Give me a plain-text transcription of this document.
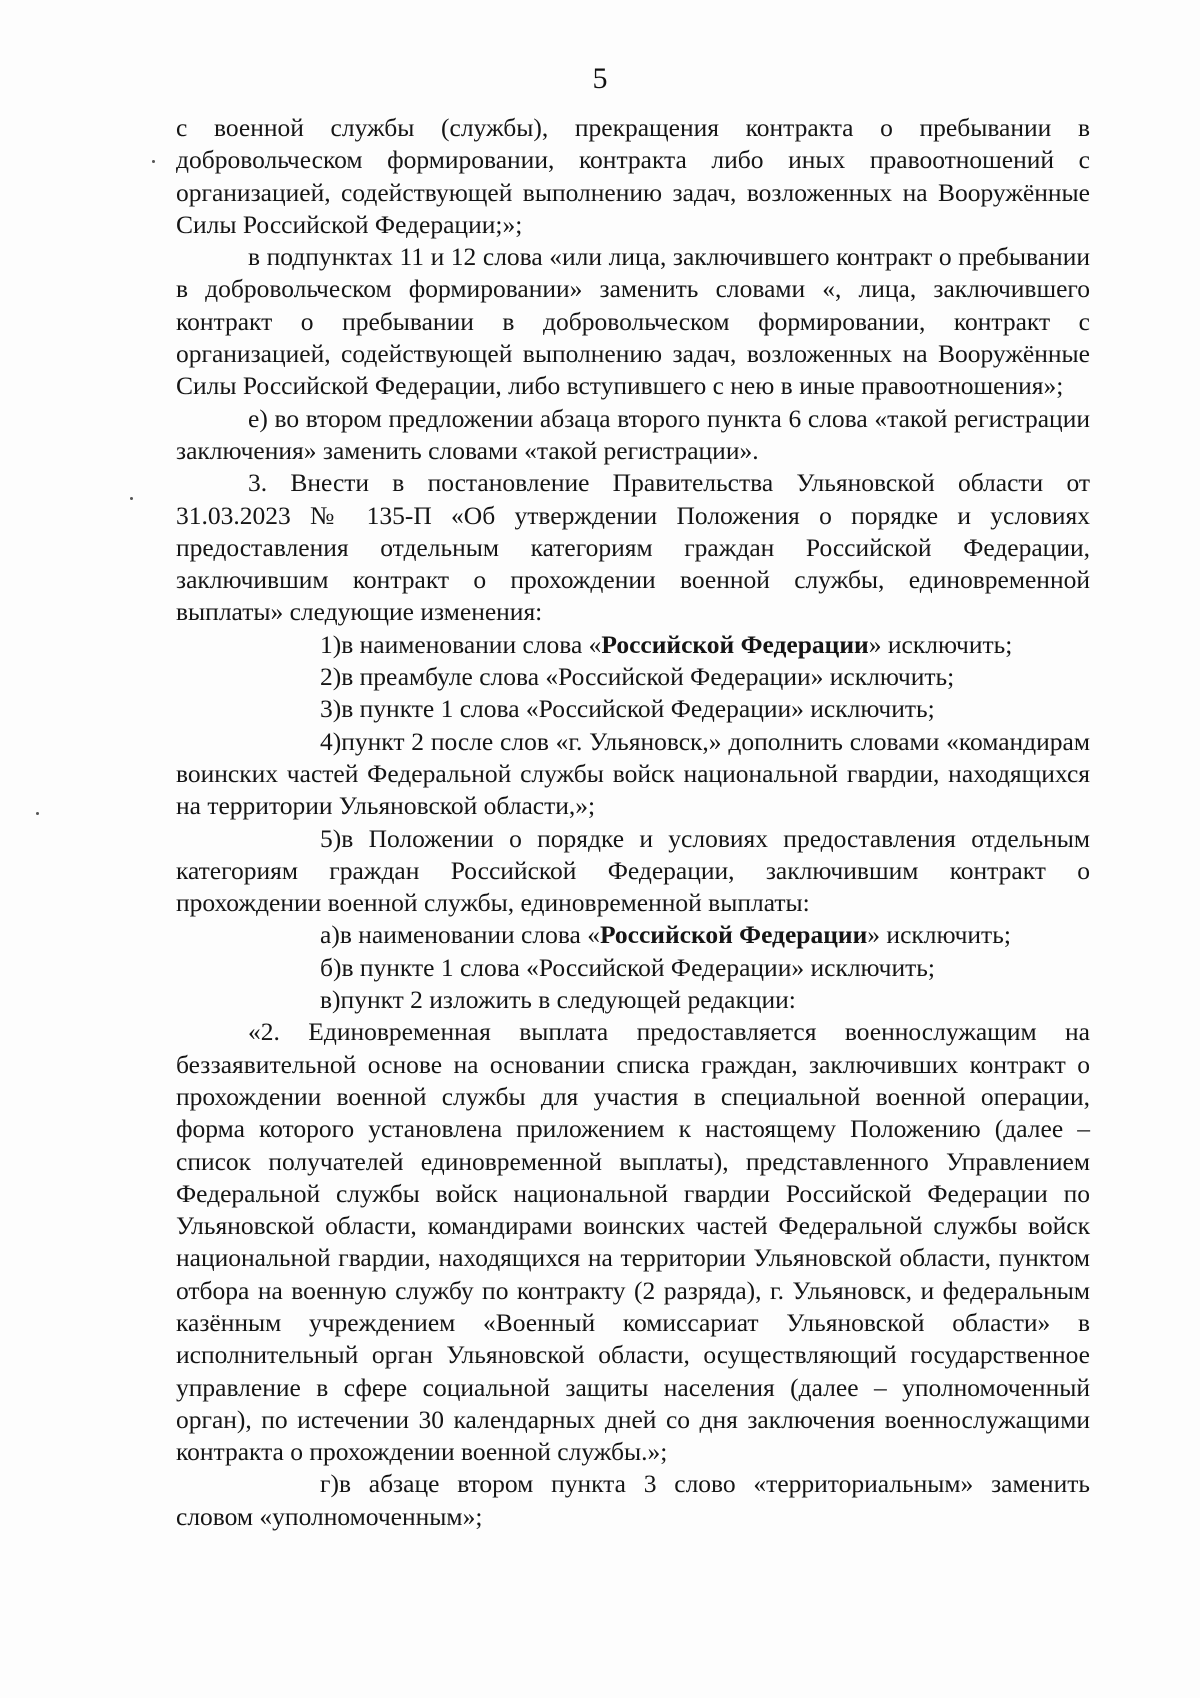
5

с военной службы (службы), прекращения контракта о пребывании в добровольческом формировании, контракта либо иных правоотношений с организацией, содействующей выполнению задач, возложенных на Вооружённые Силы Российской Федерации;»;

в подпунктах 11 и 12 слова «или лица, заключившего контракт о пребывании в добровольческом формировании» заменить словами «, лица, заключившего контракт о пребывании в добровольческом формировании, контракт с организацией, содействующей выполнению задач, возложенных на Вооружённые Силы Российской Федерации, либо вступившего с нею в иные правоотношения»;

е) во втором предложении абзаца второго пункта 6 слова «такой регистрации заключения» заменить словами «такой регистрации».

3. Внести в постановление Правительства Ульяновской области от 31.03.2023 № 135-П «Об утверждении Положения о порядке и условиях предоставления отдельным категориям граждан Российской Федерации, заключившим контракт о прохождении военной службы, единовременной выплаты» следующие изменения:

1)в наименовании слова «Российской Федерации» исключить;

2)в преамбуле слова «Российской Федерации» исключить;

3)в пункте 1 слова «Российской Федерации» исключить;

4)пункт 2 после слов «г. Ульяновск,» дополнить словами «командирам воинских частей Федеральной службы войск национальной гвардии, находящихся на территории Ульяновской области,»;

5)в Положении о порядке и условиях предоставления отдельным категориям граждан Российской Федерации, заключившим контракт о прохождении военной службы, единовременной выплаты:

а)в наименовании слова «Российской Федерации» исключить;

б)в пункте 1 слова «Российской Федерации» исключить;

в)пункт 2 изложить в следующей редакции:

«2. Единовременная выплата предоставляется военнослужащим на беззаявительной основе на основании списка граждан, заключивших контракт о прохождении военной службы для участия в специальной военной операции, форма которого установлена приложением к настоящему Положению (далее – список получателей единовременной выплаты), представленного Управлением Федеральной службы войск национальной гвардии Российской Федерации по Ульяновской области, командирами воинских частей Федеральной службы войск национальной гвардии, находящихся на территории Ульяновской области, пунктом отбора на военную службу по контракту (2 разряда), г. Ульяновск, и федеральным казённым учреждением «Военный комиссариат Ульяновской области» в исполнительный орган Ульяновской области, осуществляющий государственное управление в сфере социальной защиты населения (далее – уполномоченный орган), по истечении 30 календарных дней со дня заключения военнослужащими контракта о прохождении военной службы.»;

г)в абзаце втором пункта 3 слово «территориальным» заменить словом «уполномоченным»;
